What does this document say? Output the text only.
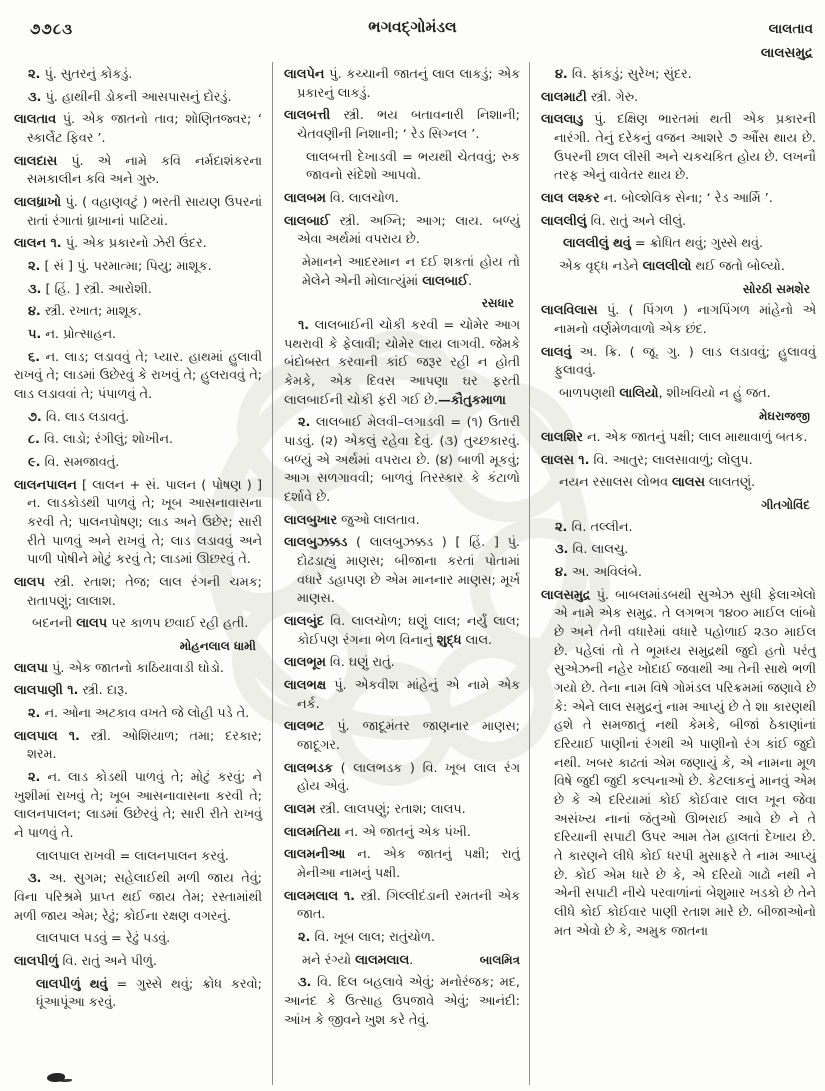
૭૭૮૩	ભગવદ્ગોમંડલ	લાલતાવ
લાલસમુદ્ર

૨. પું. સુતરનું કોકડું.

૩. પું. હાથીની ડોકની આસપાસનું દોરડું.

લાલતાવ પું. એક જાતનો તાવ; શોણિતજ્વર; ‘ સ્કાર્લેટ ફિવર ’.

લાલદાસ પું. એ નામે કવિ નર્મદાશંકરના સમકાલીન કવિ અને ગુરુ.

લાલધ્રાખો પું. ( વહાણવટું ) ભરતી સાયણ ઉપરનાં રાતાં રંગાતાં ધ્રાખાનાં પાટિયાં.

લાલન ૧. પું. એક પ્રકારનો ઝેરી ઉંદર.

૨. [ સં ] પું. પરમાત્મા; પિયુ; માશૂક.

૩. [ હિં. ] સ્ત્રી. આરોશી.

૪. સ્ત્રી. રખાત; માશૂક.

૫. ન. પ્રોત્સાહન.

૬. ન. લાડ; લડાવવું તે; પ્યાર. હાથમાં હુલાવી રાખવું તે; લાડમાં ઉછેરવું કે રાખવું તે; હુલરાવવું તે; લાડ લડાવવાં તે; પંપાળવું તે.

૭. વિ. લાડ લડાવતું.

૮. વિ. લાડો; રંગીલું; શોખીન.

૯. વિ. સમજાવતું.

લાલનપાલન [ લાલન + સં. પાલન ( પોષણ ) ] ન. લાડકોડથી પાળવું તે; ખૂબ આસનાવાસના કરવી તે; પાલનપોષણ; લાડ અને ઉછેર; સારી રીતે પાળવું અને રાખવું તે; લાડ લડાવવું અને પાળી પોષીને મોટું કરવું તે; લાડમાં ઊછરવું તે.

લાલપ સ્ત્રી. રતાશ; તેજ; લાલ રંગની ચમક; રાતાપણું; લાલાશ.

બદનની લાલપ પર કાળપ છવાઈ રહી હતી.

મોહનલાલ ધામી

લાલપા પું. એક જાતનો કાઠિયાવાડી ઘોડો.

લાલપાણી ૧. સ્ત્રી. દારૂ.

૨. ન. ઓના અટકાવ વખતે જે લોહી પડે તે.

લાલપાલ ૧. સ્ત્રી. ઓશિયાળ; તમા; દરકાર; શરમ.

૨. ન. લાડ કોડથી પાળવું તે; મોટું કરવું; ને ખુશીમાં રાખવું તે; ખૂબ આસનાવાસના કરવી તે; લાલનપાલન; લાડમાં ઉછેરવું તે; સારી રીતે રાખવું ને પાળવું તે.

લાલપાલ રાખવી = લાલનપાલન કરવું.

૩. અ. સુગમ; સહેલાઈથી મળી જાય તેવું; વિના પરિશ્રમે પ્રાપ્ત થઈ જાય તેમ; રસ્તામાંથી મળી જાય એમ; રેઢું; કોઈના રક્ષણ વગરનું.

લાલપાલ પડવું = રેઢું પડવું.

લાલપીળું વિ. રાતું અને પીળું.

લાલપીળું થવું = ગુસ્સે થવું; ક્રોધ કરવો; ધૂંઆપૂંઆ કરવું.

લાલપેન પું. કચ્ચાની જાતનું લાલ લાકડું; એક પ્રકારનું લાકડું.

લાલબત્તી સ્ત્રી. ભય બતાવનારી નિશાની; ચેતવણીની નિશાની; ‘ રેડ સિગ્નલ ’.

લાલબત્તી દેખાડવી = ભયથી ચેતવવું; રુક જાવનો સંદેશો આપવો.

લાલબમ વિ. લાલચોળ.

લાલબાઈ સ્ત્રી. અગ્નિ; આગ; લાય. બળ્યું એવા અર્થમાં વપરાય છે.

મેમાનને આદરમાન ન દઈ શકતાં હોય તો મેલેને એની મોલાત્યુંમાં લાલબાઈ.

રસધાર

૧. લાલબાઈની ચોકી કરવી = ચોમેર આગ પથરાવી કે ફેલાવી; ચોમેર લાય લાગવી. જેમકે બંદોબસ્ત કરવાની કાંઈ જરૂર રહી ન હોતી કેમકે, એક દિવસ આપણા ઘર ફરતી લાલબાઈની ચોકી ફરી ગઈ છે.—કૌતુકમાળા

૨. લાલબાઈ મેલવી–લગાડવી = (૧) ઉતારી પાડવું. (૨) એકલું રહેવા દેવું. (૩) તુચ્છકારવું. બળ્યું એ અર્થમાં વપરાય છે. (૪) બાળી મૂકવું; આગ સળગાવવી; બાળવું તિરસ્કાર કે કંટાળો દર્શાવે છે.

લાલબુખાર જુઓ લાલતાવ.

લાલબુઝક્કડ ( લાલબુઝક્કડ ) [ હિં. ] પું. દોઢડાહ્યું માણસ; બીજાના કરતાં પોતામાં વધારે ડહાપણ છે એમ માનનાર માણસ; મૂર્ખ માણસ.

લાલબુંદ વિ. લાલચોળ; ઘણું લાલ; નર્યું લાલ; કોઈપણ રંગના ભેળ વિનાનું શુદ્ધ લાલ.

લાલભૂમ વિ. ઘણું રાતું.

લાલભક્ષ પું. એકવીશ માંહેનું એ નામે એક નર્ક.

લાલભટ પું. જાદૂમંતર જાણનાર માણસ; જાદૂગર.

લાલભડક ( લાલભડક ) વિ. ખૂબ લાલ રંગ હોય એવું.

લાલમ સ્ત્રી. લાલપણું; રતાશ; લાલપ.

લાલમતિયા ન. એ જાતનું એક પંખી.

લાલમનીઆ ન. એક જાતનું પક્ષી; રાતું મેનીઆ નામનું પક્ષી.

લાલમલાલ ૧. સ્ત્રી. ગિલ્લીદંડાની રમતની એક જાત.

૨. વિ. ખૂબ લાલ; રાતુંચોળ.

મને રંગ્યો લાલમલાલ.	બાલમિત્ર

૩. વિ. દિલ બહલાવે એવું; મનોરંજક; મદ, આનંદ કે ઉત્સાહ ઉપજાવે એવું; આનંદી: આંખ કે જીવને ખુશ કરે તેવું.

૪. વિ. ફાંકડું; સુરેખ; સુંદર.

લાલમાટી સ્ત્રી. ગેરુ.

લાલલાડુ પું. દક્ષિણ ભારતમાં થતી એક પ્રકારની નારંગી. તેનું દરેકનું વજન આશરે ૭ ઔંસ થાય છે. ઉપરની છાલ લીસી અને ચકચકિત હોય છે. લખનૌ તરફ એનું વાવેતર થાય છે.

લાલ લશ્કર ન. બોલ્શેવિક સેના; ‘ રેડ આર્મિ ’.

લાલલીલું વિ. રાતું અને લીલું.

લાલલીલું થવું = ક્રોધિત થવું; ગુસ્સે થવું.

એક વૃદ્ધ નડેને લાલલીલો થઈ જતો બોલ્યો.

સોરઠી સમશેર

લાલવિલાસ પું. ( પિંગળ ) નાગપિંગળ માંહેનો એ નામનો વર્ણમેળવાળો એક છંદ.

લાલવું અ. ક્રિ. ( જૂ. ગુ. ) લાડ લડાવવું; હુલાવવું ફુલાવવું.

બાળપણથી લાલિયો, શીખવિયો ન હું જત.

મેઘરાજજી

લાલશિર ન. એક જાતનું પક્ષી; લાલ માથાવાળું બતક.

લાલસ ૧. વિ. આતુર; લાલસાવાળું; લોલુપ.

નયન રસાલસ લોભવ લાલસ લાલતણું.

ગીતગોવિંદ

૨. વિ. તલ્લીન.

૩. વિ. લાલચુ.

૪. અ. અવિલંબે.

લાલસમુદ્ર પું. બાબલમાંડબથી સુએઝ સુધી ફેલાએલો એ નામે એક સમુદ્ર. તે લગભગ ૧૪૦૦ માઈલ લાંબો છે અને તેની વધારેમાં વધારે પહોળાઈ ૨૩૦ માઈલ છે. પહેલાં તો તે ભૂમધ્ય સમુદ્રથી જુદો હતો પરંતુ સુએઝની નહેર ખોદાઈ જવાથી આ તેની સાથે ભળી ગયો છે. તેના નામ વિષે ગોમંડલ પરિક્રમમાં જણાવે છે કે: એને લાલ સમુદ્રનું નામ આપ્યું છે તે શા કારણથી હશે તે સમજાતું નથી કેમકે, બીજાં ઠેકાણાંનાં દરિયાઈ પાણીનાં રંગથી એ પાણીનો રંગ કાંઈ જુદો નથી. ખબર કાઢતાં એમ જણાયું કે, એ નામના મૂળ વિષે જુદી જુદી કલ્પનાઓ છે. કેટલાકનું માનવું એમ છે કે એ દરિયામાં કોઈ કોઈવાર લાલ ખૂન જેવા અસંખ્ય નાનાં જંતુઓ ઊભરાઈ આવે છે ને તે દરિયાની સપાટી ઉપર આમ તેમ હાલતાં દેખાય છે. તે કારણને લીધે કોઈ ધરપી મુસાફરે તે નામ આપ્યું છે. કોઈ એમ ધારે છે કે, એ દરિયો ગાઢો નથી ને એની સપાટી નીચે પરવાળાંનાં બેશુમાર ખડકો છે તેને લીધે કોઈ કોઈવાર પાણી રતાશ મારે છે. બીજાઓનો મત એવો છે કે, અમુક જાતના
